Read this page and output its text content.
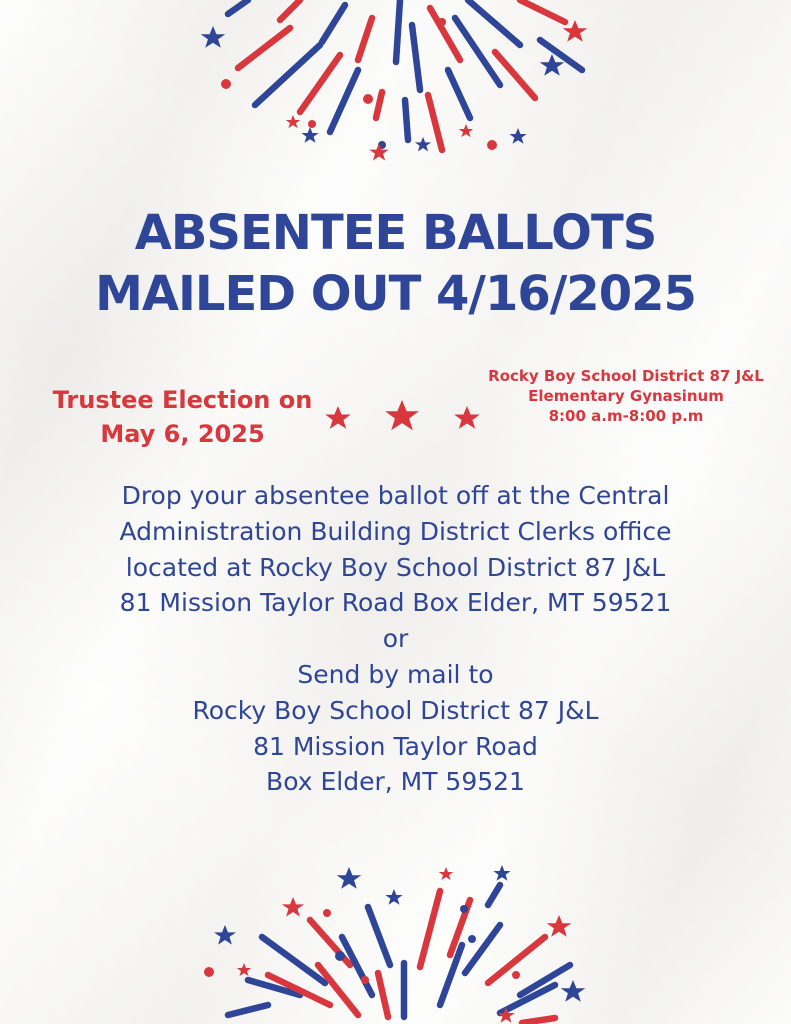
ABSENTEE BALLOTS
MAILED OUT 4/16/2025
Trustee Election on
May 6, 2025
Rocky Boy School District 87 J&L
Elementary Gynasinum
8:00 a.m-8:00 p.m
Drop your absentee ballot off at the Central
Administration Building District Clerks office
located at Rocky Boy School District 87 J&L
81 Mission Taylor Road Box Elder, MT 59521
or
Send by mail to
Rocky Boy School District 87 J&L
81 Mission Taylor Road
Box Elder, MT 59521
